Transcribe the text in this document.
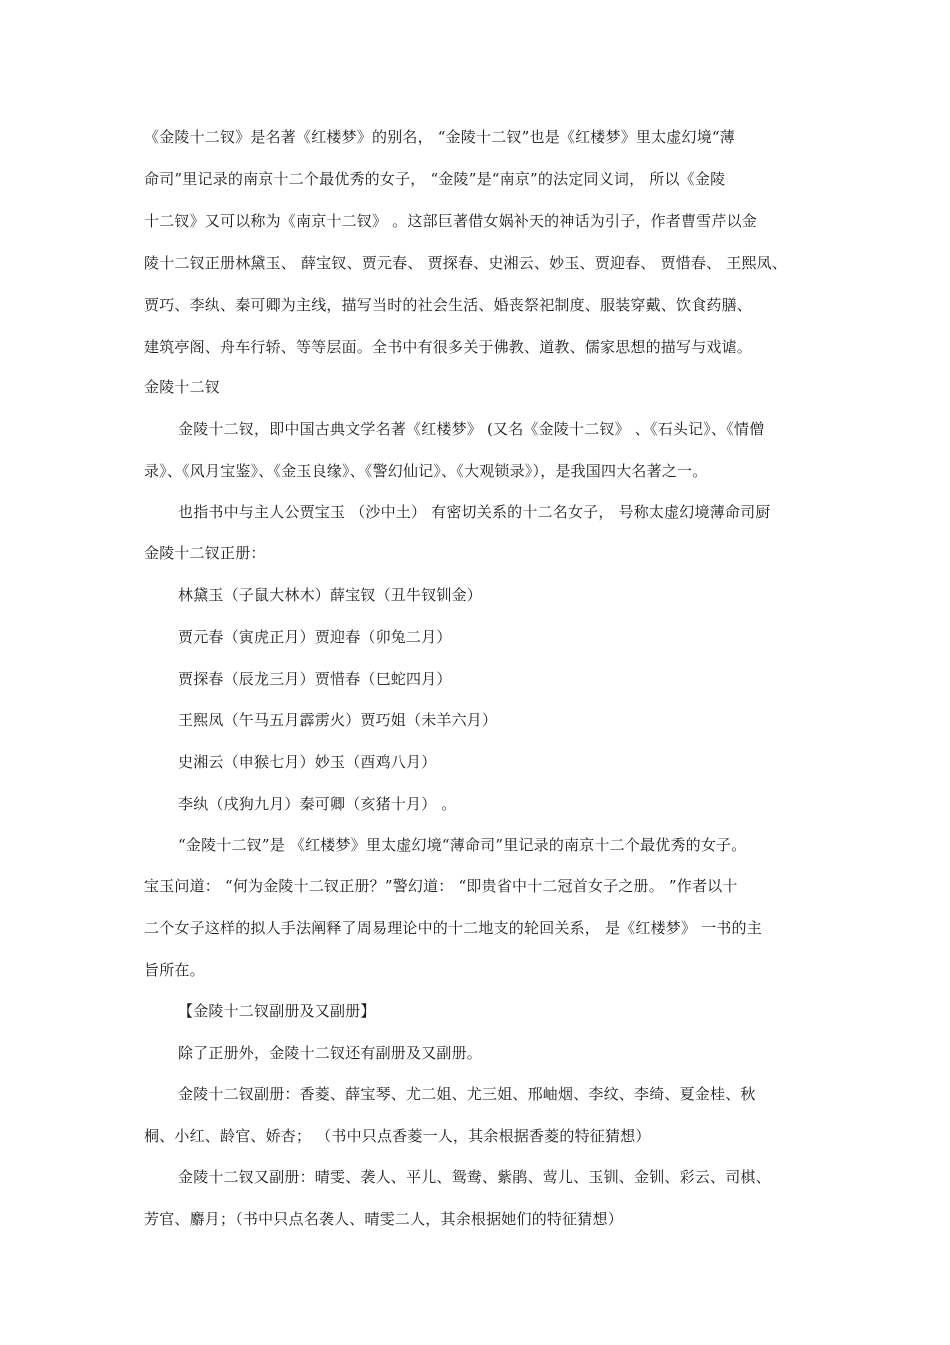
《金陵十二钗》是名著《红楼梦》的别名， “金陵十二钗”也是《红楼梦》里太虚幻境“薄
命司”里记录的南京十二个最优秀的女子， “金陵”是“南京”的法定同义词， 所以《金陵
十二钗》又可以称为《南京十二钗》 。这部巨著借女娲补天的神话为引子，作者曹雪芹以金
陵十二钗正册林黛玉、 薛宝钗、贾元春、 贾探春、史湘云、妙玉、贾迎春、 贾惜春、 王熙凤、
贾巧、李纨、秦可卿为主线，描写当时的社会生活、婚丧祭祀制度、服装穿戴、饮食药膳、
建筑亭阁、舟车行轿、等等层面。全书中有很多关于佛教、道教、儒家思想的描写与戏谑。
金陵十二钗
金陵十二钗，即中国古典文学名著《红楼梦》 (又名《金陵十二钗》 、《石头记》、《情僧
录》、《风月宝鉴》、《金玉良缘》、《警幻仙记》、《大观锁录》），是我国四大名著之一。
也指书中与主人公贾宝玉 （沙中土） 有密切关系的十二名女子， 号称太虚幻境薄命司厨
金陵十二钗正册：
林黛玉（子鼠大林木）薛宝钗（丑牛钗钏金）
贾元春（寅虎正月）贾迎春（卯兔二月）
贾探春（辰龙三月）贾惜春（巳蛇四月）
王熙凤（午马五月霹雳火）贾巧姐（未羊六月）
史湘云（申猴七月）妙玉（酉鸡八月）
李纨（戌狗九月）秦可卿（亥猪十月） 。
“金陵十二钗”是 《红楼梦》里太虚幻境“薄命司”里记录的南京十二个最优秀的女子。
宝玉问道： “何为金陵十二钗正册？”警幻道： “即贵省中十二冠首女子之册。 ”作者以十
二个女子这样的拟人手法阐释了周易理论中的十二地支的轮回关系， 是《红楼梦》 一书的主
旨所在。
【金陵十二钗副册及又副册】
除了正册外，金陵十二钗还有副册及又副册。
金陵十二钗副册：香菱、薛宝琴、尤二姐、尤三姐、邢岫烟、李纹、李绮、夏金桂、秋
桐、小红、龄官、娇杏； （书中只点香菱一人，其余根据香菱的特征猜想）
金陵十二钗又副册：晴雯、袭人、平儿、鸳鸯、紫鹃、莺儿、玉钏、金钏、彩云、司棋、
芳官、麝月；（书中只点名袭人、晴雯二人，其余根据她们的特征猜想）
